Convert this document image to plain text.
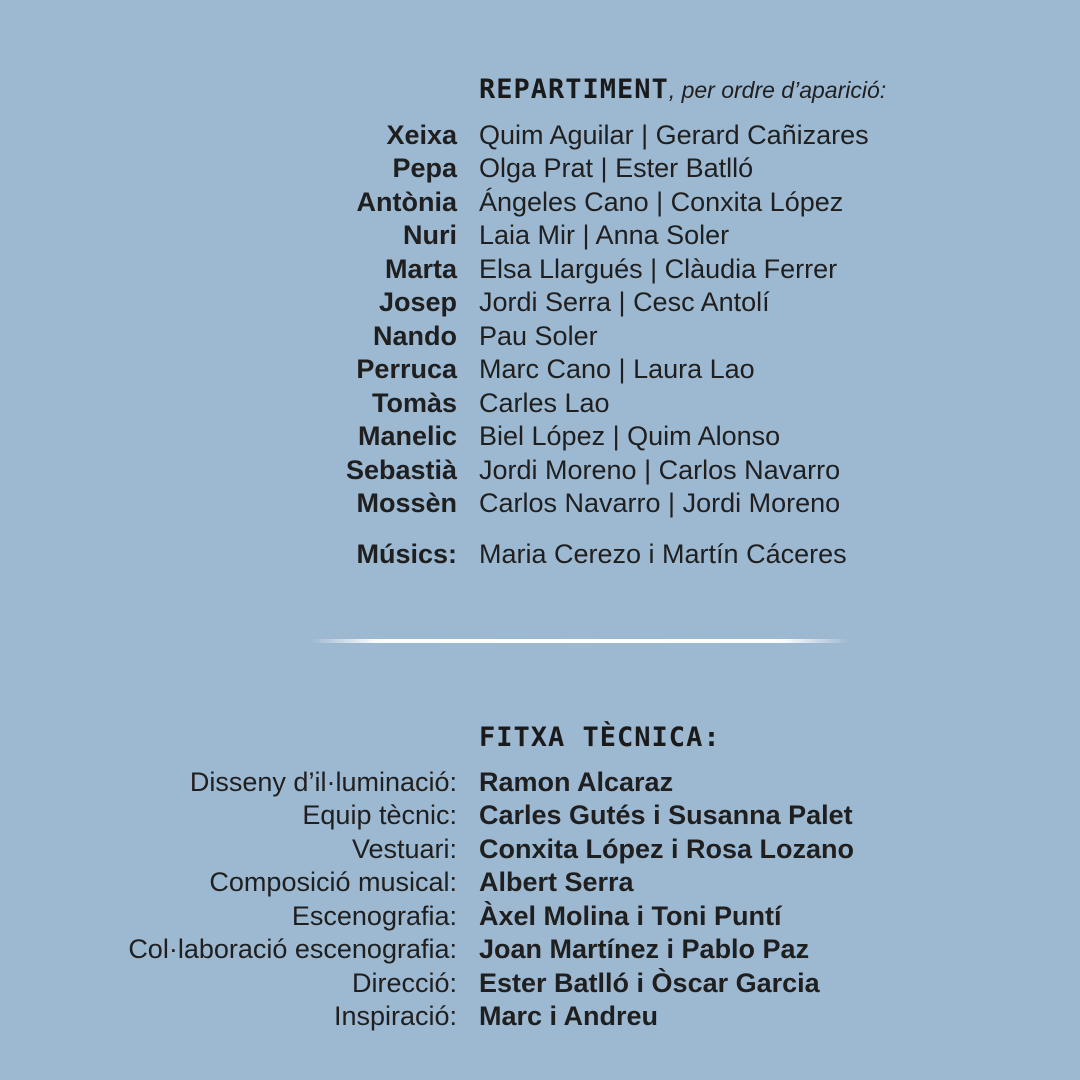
REPARTIMENT, per ordre d’aparició:
Xeixa Quim Aguilar | Gerard Cañizares
Pepa Olga Prat | Ester Batlló
Antònia Ángeles Cano | Conxita López
Nuri Laia Mir | Anna Soler
Marta Elsa Llargués | Clàudia Ferrer
Josep Jordi Serra | Cesc Antolí
Nando Pau Soler
Perruca Marc Cano | Laura Lao
Tomàs Carles Lao
Manelic Biel López | Quim Alonso
Sebastià Jordi Moreno | Carlos Navarro
Mossèn Carlos Navarro | Jordi Moreno
Músics: Maria Cerezo i Martín Cáceres
FITXA TÈCNICA:
Disseny d’il·luminació: Ramon Alcaraz
Equip tècnic: Carles Gutés i Susanna Palet
Vestuari: Conxita López i Rosa Lozano
Composició musical: Albert Serra
Escenografia: Àxel Molina i Toni Puntí
Col·laboració escenografia: Joan Martínez i Pablo Paz
Direcció: Ester Batlló i Òscar Garcia
Inspiració: Marc i Andreu
